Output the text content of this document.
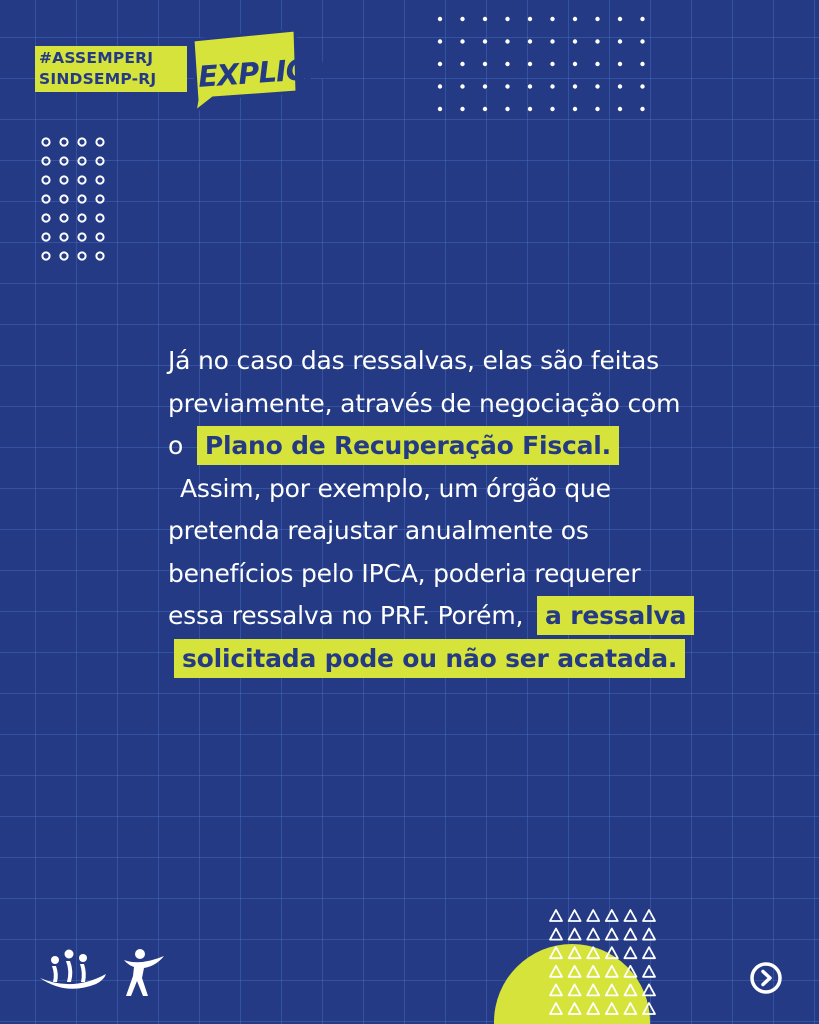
#ASSEMPERJ
SINDSEMP-RJ	EXPLICA
Já no caso das ressalvas, elas são feitas previamente, através de negociação com o Plano de Recuperação Fiscal. Assim, por exemplo, um órgão que pretenda reajustar anualmente os benefícios pelo IPCA, poderia requerer essa ressalva no PRF. Porém, a ressalva solicitada pode ou não ser acatada.
